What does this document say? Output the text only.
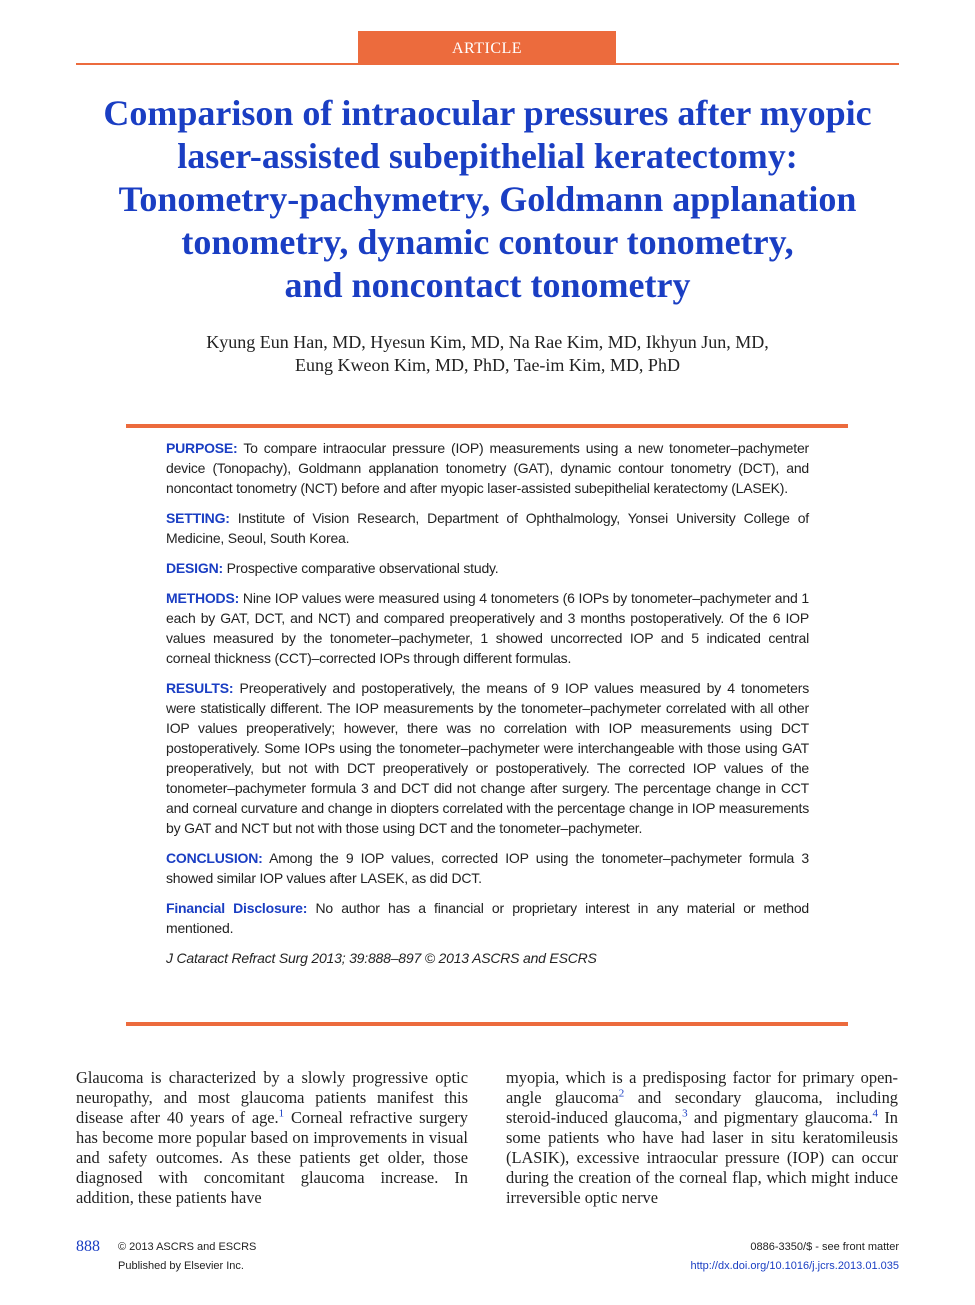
ARTICLE
Comparison of intraocular pressures after myopic
laser-assisted subepithelial keratectomy:
Tonometry-pachymetry, Goldmann applanation
tonometry, dynamic contour tonometry,
and noncontact tonometry
Kyung Eun Han, MD, Hyesun Kim, MD, Na Rae Kim, MD, Ikhyun Jun, MD,
Eung Kweon Kim, MD, PhD, Tae-im Kim, MD, PhD

PURPOSE: To compare intraocular pressure (IOP) measurements using a new tonometer–pachymeter device (Tonopachy), Goldmann applanation tonometry (GAT), dynamic contour tonometry (DCT), and noncontact tonometry (NCT) before and after myopic laser-assisted subepithelial keratectomy (LASEK).

SETTING: Institute of Vision Research, Department of Ophthalmology, Yonsei University College of Medicine, Seoul, South Korea.

DESIGN: Prospective comparative observational study.

METHODS: Nine IOP values were measured using 4 tonometers (6 IOPs by tonometer–pachymeter and 1 each by GAT, DCT, and NCT) and compared preoperatively and 3 months postoperatively. Of the 6 IOP values measured by the tonometer–pachymeter, 1 showed uncorrected IOP and 5 indicated central corneal thickness (CCT)–corrected IOPs through different formulas.

RESULTS: Preoperatively and postoperatively, the means of 9 IOP values measured by 4 tonometers were statistically different. The IOP measurements by the tonometer–pachymeter correlated with all other IOP values preoperatively; however, there was no correlation with IOP measurements using DCT postoperatively. Some IOPs using the tonometer–pachymeter were interchangeable with those using GAT preoperatively, but not with DCT preoperatively or postoperatively. The corrected IOP values of the tonometer–pachymeter formula 3 and DCT did not change after surgery. The percentage change in CCT and corneal curvature and change in diopters correlated with the percentage change in IOP measurements by GAT and NCT but not with those using DCT and the tonometer–pachymeter.

CONCLUSION: Among the 9 IOP values, corrected IOP using the tonometer–pachymeter formula 3 showed similar IOP values after LASEK, as did DCT.

Financial Disclosure: No author has a financial or proprietary interest in any material or method mentioned.

J Cataract Refract Surg 2013; 39:888–897 © 2013 ASCRS and ESCRS

Glaucoma is characterized by a slowly progressive optic neuropathy, and most glaucoma patients manifest this disease after 40 years of age.$^1$ Corneal refractive surgery has become more popular based on improvements in visual and safety outcomes. As these patients get older, those diagnosed with concomitant glaucoma increase. In addition, these patients have
myopia, which is a predisposing factor for primary open-angle glaucoma$^2$ and secondary glaucoma, including steroid-induced glaucoma,$^3$ and pigmentary glaucoma.$^4$ In some patients who have had laser in situ keratomileusis (LASIK), excessive intraocular pressure (IOP) can occur during the creation of the corneal flap, which might induce irreversible optic nerve
888 © 2013 ASCRS and ESCRS
Published by Elsevier Inc.
0886-3350/$ - see front matter
http://dx.doi.org/10.1016/j.jcrs.2013.01.035
